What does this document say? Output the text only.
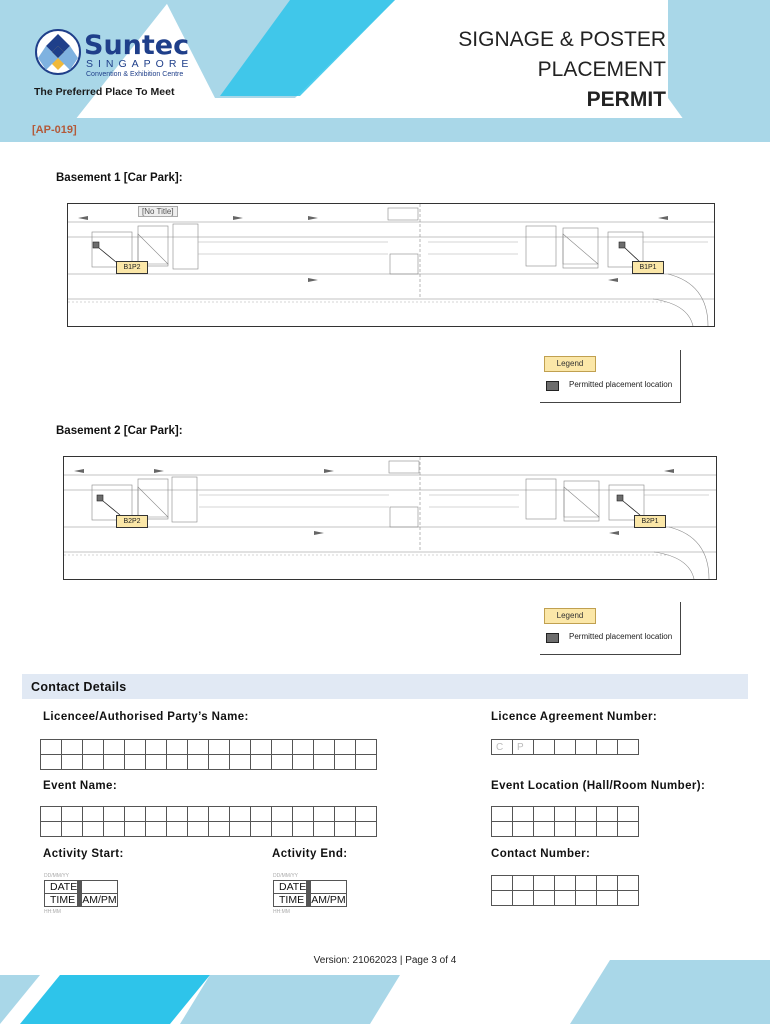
Suntec
SINGAPORE
Convention & Exhibition Centre
The Preferred Place To Meet
SIGNAGE & POSTER
PLACEMENT
PERMIT
[AP-019]
Basement 1 [Car Park]:
[No Title]
B1P2	B1P1
Legend
Permitted placement location
Basement 2 [Car Park]:
B2P2	B2P1
Legend
Permitted placement location
Contact Details
Licencee/Authorised Party’s Name:	Licence Agreement Number:

C	P					
Event Name:	Event Location (Hall/Room Number):

Activity Start:	Activity End:	Contact Number:
DD/MM/YY
DATE					
TIME					AM/PM
HH:MM
DD/MM/YY
DATE					
TIME					AM/PM
HH:MM

Version: 21062023 | Page 3 of 4
